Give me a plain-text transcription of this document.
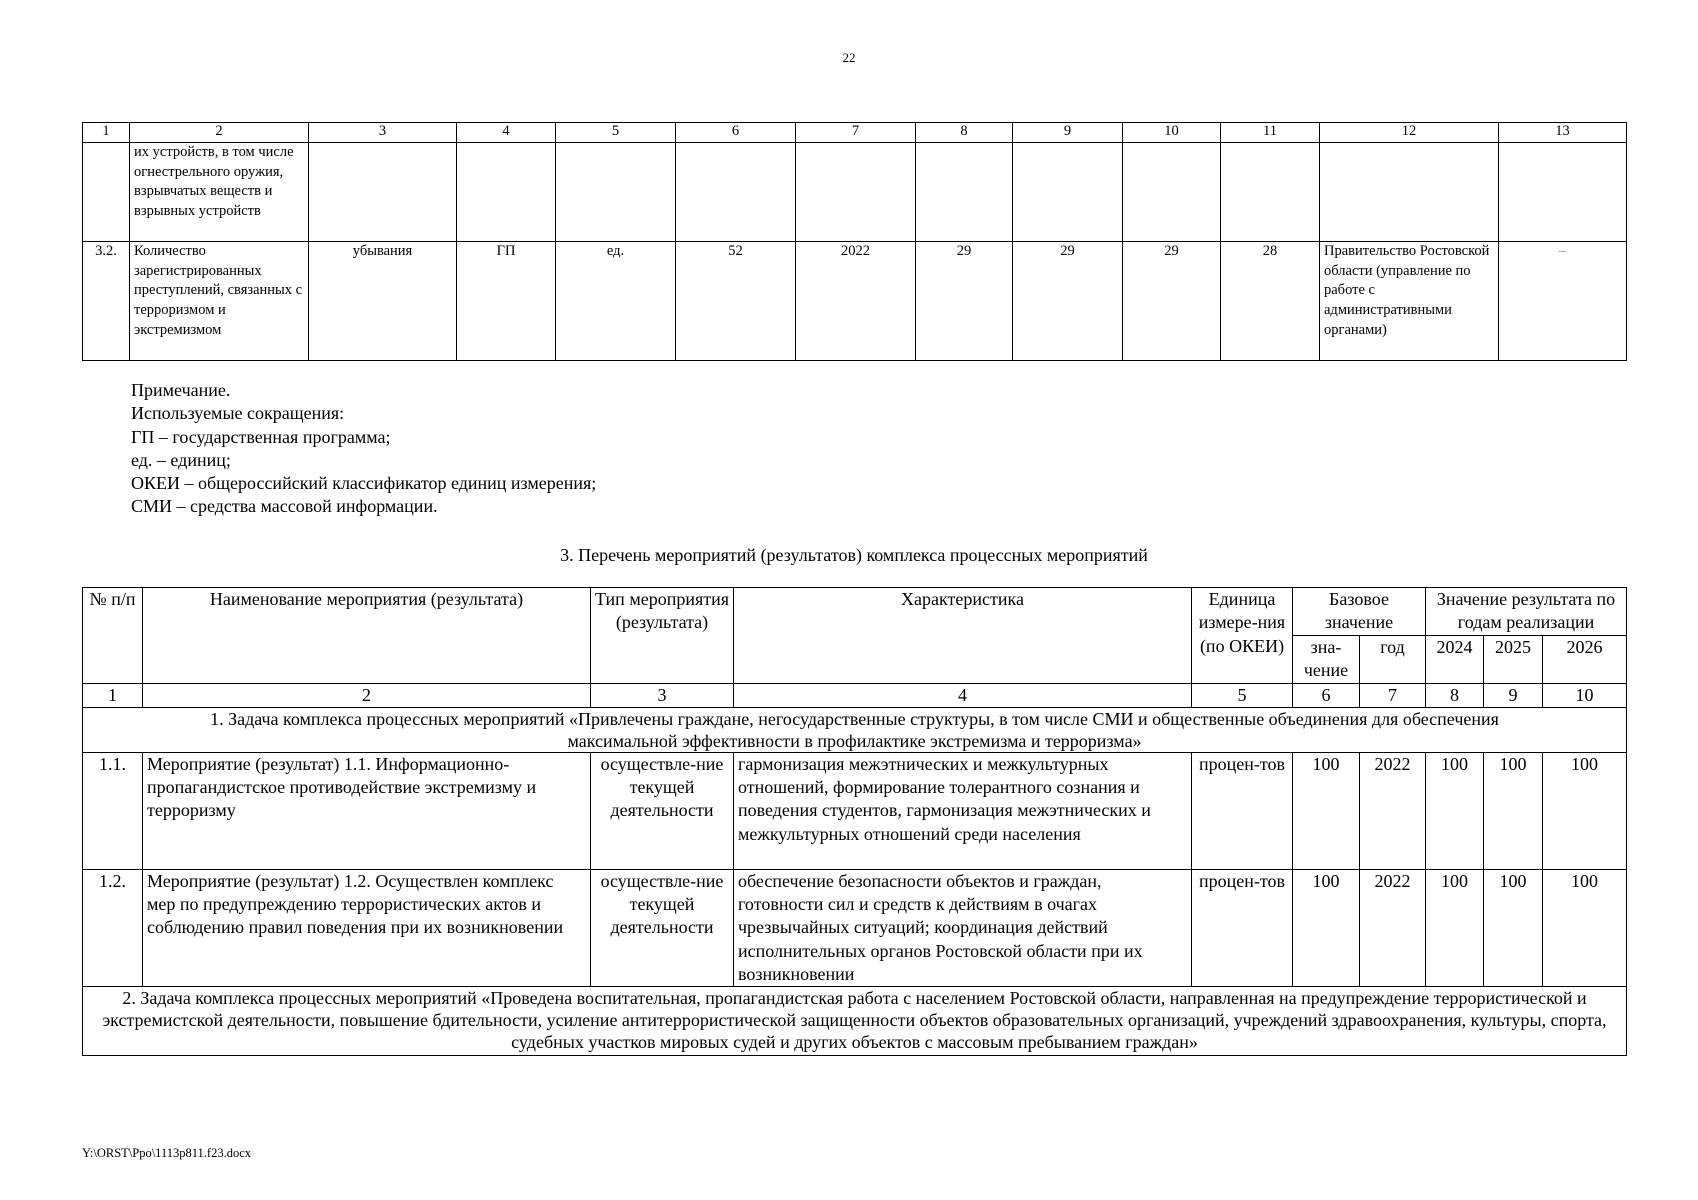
22
1	2	3	4	5	6	7	8	9	10	11	12	13
	их устройств, в том числе огнестрельного оружия, взрывчатых веществ и взрывных устройств											
3.2.	Количество зарегистрированных преступлений, связанных с терроризмом и экстремизмом	убывания	ГП	ед.	52	2022	29	29	29	28	Правительство Ростовской области (управление по работе с административными органами)	–
Примечание.
Используемые сокращения:
ГП – государственная программа;
ед. – единиц;
ОКЕИ – общероссийский классификатор единиц измерения;
СМИ – средства массовой информации.
3. Перечень мероприятий (результатов) комплекса процессных мероприятий
№ п/п	Наименование мероприятия (результата)	Тип мероприятия (результата)	Характеристика	Единица измере-ния (по ОКЕИ)	Базовое значение		Значение результата по годам реализации		
					зна-чение	год	2024	2025	2026
1	2	3	4	5	6	7	8	9	10
1. Задача комплекса процессных мероприятий «Привлечены граждане, негосударственные структуры, в том числе СМИ и общественные объединения для обеспечения максимальной эффективности в профилактике экстремизма и терроризма»									
1.1.	Мероприятие (результат) 1.1. Информационно-пропагандистское противодействие экстремизму и терроризму	осуществле-ние текущей деятельности	гармонизация межэтнических и межкультурных отношений, формирование толерантного сознания и поведения студентов, гармонизация межэтнических и межкультурных отношений среди населения	процен-тов	100	2022	100	100	100
1.2.	Мероприятие (результат) 1.2. Осуществлен комплекс мер по предупреждению террористических актов и соблюдению правил поведения при их возникновении	осуществле-ние текущей деятельности	обеспечение безопасности объектов и граждан, готовности сил и средств к действиям в очагах чрезвычайных ситуаций; координация действий исполнительных органов Ростовской области при их возникновении	процен-тов	100	2022	100	100	100
2. Задача комплекса процессных мероприятий «Проведена воспитательная, пропагандистская работа с населением Ростовской области, направленная на предупреждение террористической и экстремистской деятельности, повышение бдительности, усиление антитеррористической защищенности объектов образовательных организаций, учреждений здравоохранения, культуры, спорта, судебных участков мировых судей и других объектов с массовым пребыванием граждан»									
Y:\ORST\Ppo\1113p811.f23.docx
